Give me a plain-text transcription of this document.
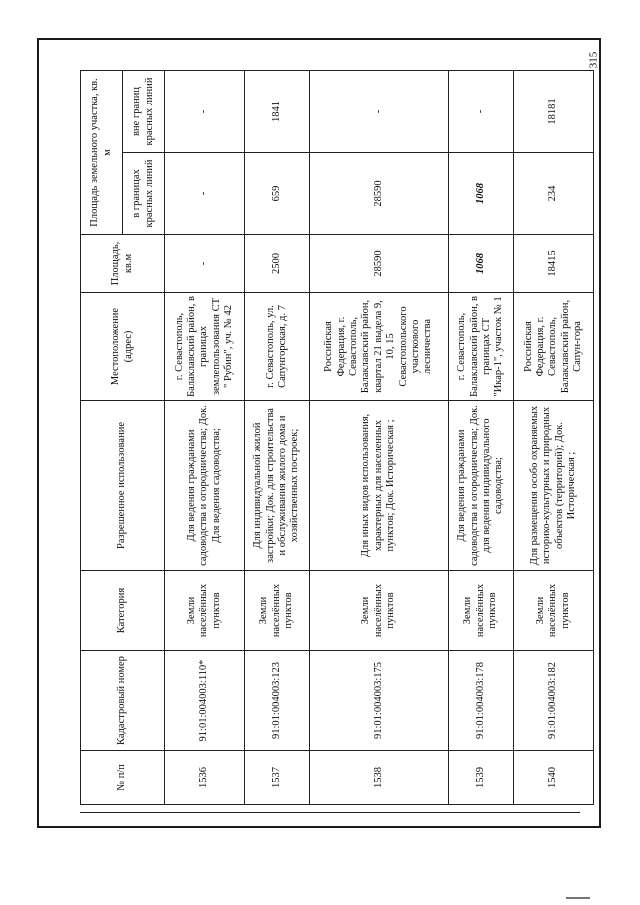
315
№ п/п	Кадастровый номер	Категория	Разрешенное использование	Местоположение (адрес)	Площадь, кв.м	Площадь земельного участка, кв. м	
						в границах красных линий	вне границ красных линий
1536	91:01:004003:110*	Земли населённых пунктов	Для ведения гражданами садоводства и огородничества; Док. Для ведения садоводства;	г. Севастополь, Балаклавский район, в границах землепользования СТ " Рубин", уч. № 42	-	-	-
1537	91:01:004003:123	Земли населённых пунктов	Для индивидуальной жилой застройки; Док. для строительства и обслуживания жилого дома и хозяйственных построек;	г. Севастополь, ул. Сапунгорская, д. 7	2500	659	1841
1538	91:01:004003:175	Земли населённых пунктов	Для иных видов использования, характерных для населенных пунктов; Док. Историческая ;	Российская Федерация, г. Севастополь, Балаклавский район, квартал 21 выдела 9, 10, 15 Севастопольского участкового лесничества	28590	28590	-
1539	91:01:004003:178	Земли населённых пунктов	Для ведения гражданами садоводства и огородничества; Док. для ведения индивидуального садоводства;	г. Севастополь, Балаклавский район, в границах СТ "Икар-1", участок № 1	1068	1068	-
1540	91:01:004003:182	Земли населённых пунктов	Для размещения особо охраняемых историко-культурных и природных объектов (территорий); Док. Историческая ;	Российская Федерация, г. Севастополь, Балаклавский район, Сапун-гора	18415	234	18181
